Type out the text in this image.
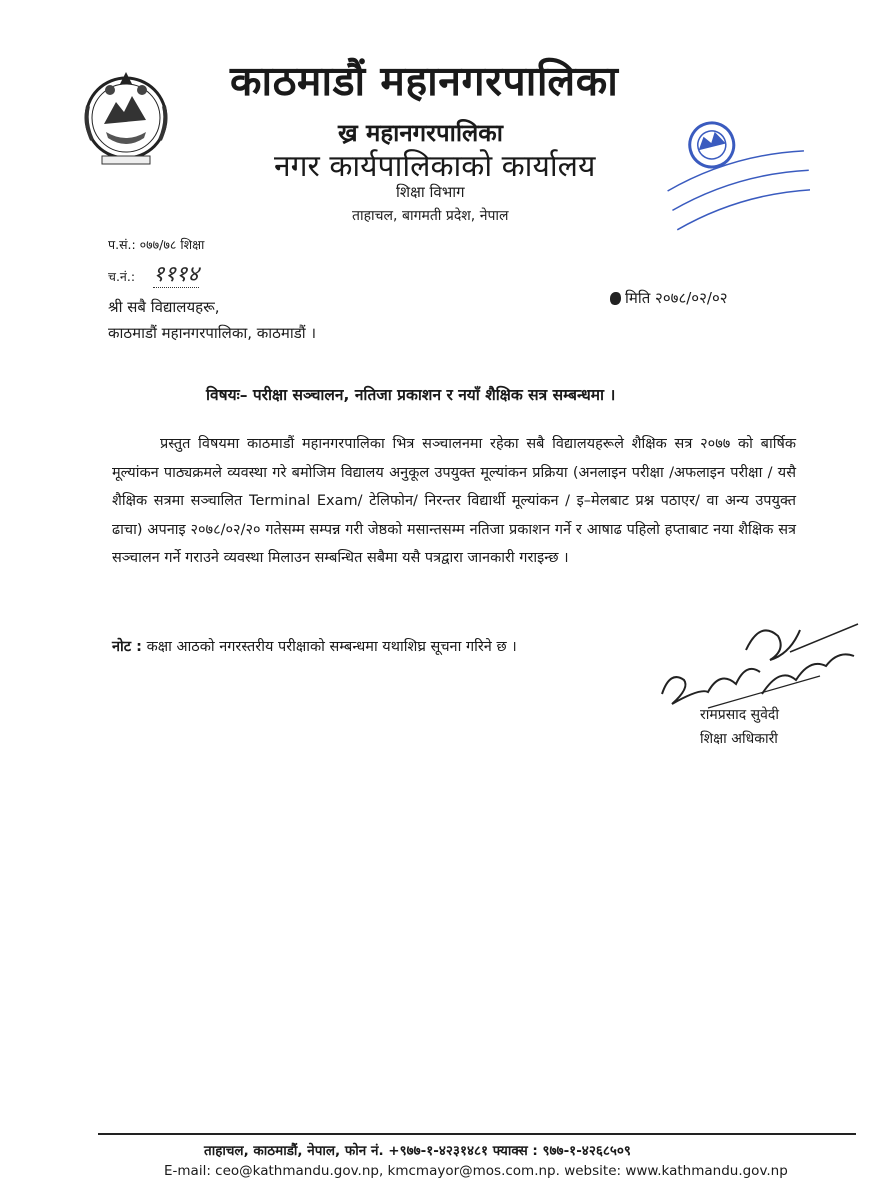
काठमाडौं महानगरपालिका
ख्र महानगरपालिका
नगर कार्यपालिकाको कार्यालय
शिक्षा विभाग
ताहाचल, बागमती प्रदेश, नेपाल
प.सं.: ०७७/७८ शिक्षा
च.नं.: १११४
श्री सबै विद्यालयहरू,
काठमाडौं महानगरपालिका, काठमाडौं ।
मिति २०७८/०२/०२
विषयः– परीक्षा सञ्चालन, नतिजा प्रकाशन र नयाँ शैक्षिक सत्र सम्बन्धमा ।

प्रस्तुत विषयमा काठमाडौं महानगरपालिका भित्र सञ्चालनमा रहेका सबै विद्यालयहरूले शैक्षिक सत्र २०७७ को बार्षिक मूल्यांकन पाठ्यक्रमले व्यवस्था गरे बमोजिम विद्यालय अनुकूल उपयुक्त मूल्यांकन प्रक्रिया (अनलाइन परीक्षा /अफलाइन परीक्षा / यसै शैक्षिक सत्रमा सञ्चालित Terminal Exam/ टेलिफोन/ निरन्तर विद्यार्थी मूल्यांकन / इ–मेलबाट प्रश्न पठाएर/ वा अन्य उपयुक्त ढाचा) अपनाइ २०७८/०२/२० गतेसम्म सम्पन्न गरी जेष्ठको मसान्तसम्म नतिजा प्रकाशन गर्ने र आषाढ पहिलो हप्ताबाट नया शैक्षिक सत्र सञ्चालन गर्ने गराउने व्यवस्था मिलाउन सम्बन्धित सबैमा यसै पत्रद्वारा जानकारी गराइन्छ ।

नोट : कक्षा आठको नगरस्तरीय परीक्षाको सम्बन्धमा यथाशिघ्र सूचना गरिने छ ।
रामप्रसाद सुवेदी
शिक्षा अधिकारी
ताहाचल, काठमाडौं, नेपाल, फोन नं. +९७७-१-४२३१४८१ फ्याक्स : ९७७-१-४२६८५०९
E-mail: ceo@kathmandu.gov.np, kmcmayor@mos.com.np. website: www.kathmandu.gov.np
